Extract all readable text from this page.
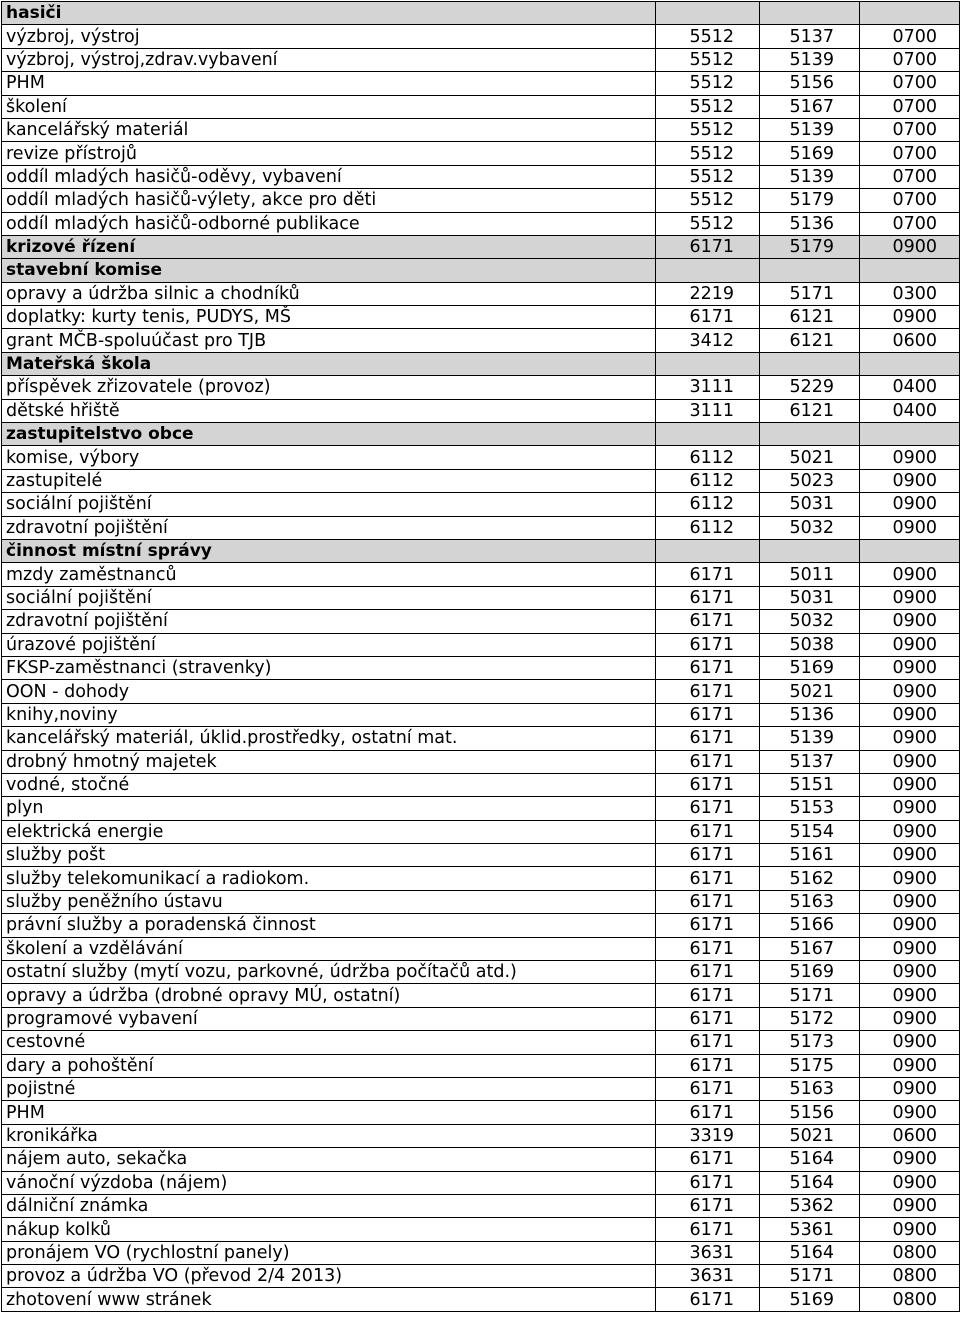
hasiči			
výzbroj, výstroj	5512	5137	0700
výzbroj, výstroj,zdrav.vybavení	5512	5139	0700
PHM	5512	5156	0700
školení	5512	5167	0700
kancelářský materiál	5512	5139	0700
revize přístrojů	5512	5169	0700
oddíl mladých hasičů-oděvy, vybavení	5512	5139	0700
oddíl mladých hasičů-výlety, akce pro děti	5512	5179	0700
oddíl mladých hasičů-odborné publikace	5512	5136	0700
krizové řízení	6171	5179	0900
stavební komise			
opravy a údržba silnic a chodníků	2219	5171	0300
doplatky: kurty tenis, PUDYS, MŠ	6171	6121	0900
grant MČB-spoluúčast pro TJB	3412	6121	0600
Mateřská škola			
příspěvek zřizovatele (provoz)	3111	5229	0400
dětské hřiště	3111	6121	0400
zastupitelstvo obce			
komise, výbory	6112	5021	0900
zastupitelé	6112	5023	0900
sociální pojištění	6112	5031	0900
zdravotní pojištění	6112	5032	0900
činnost místní správy			
mzdy zaměstnanců	6171	5011	0900
sociální pojištění	6171	5031	0900
zdravotní pojištění	6171	5032	0900
úrazové pojištění	6171	5038	0900
FKSP-zaměstnanci (stravenky)	6171	5169	0900
OON - dohody	6171	5021	0900
knihy,noviny	6171	5136	0900
kancelářský materiál, úklid.prostředky, ostatní mat.	6171	5139	0900
drobný hmotný majetek	6171	5137	0900
vodné, stočné	6171	5151	0900
plyn	6171	5153	0900
elektrická energie	6171	5154	0900
služby pošt	6171	5161	0900
služby telekomunikací a radiokom.	6171	5162	0900
služby peněžního ústavu	6171	5163	0900
právní služby a poradenská činnost	6171	5166	0900
školení a vzdělávání	6171	5167	0900
ostatní služby (mytí vozu, parkovné, údržba počítačů atd.)	6171	5169	0900
opravy a údržba (drobné opravy MÚ, ostatní)	6171	5171	0900
programové vybavení	6171	5172	0900
cestovné	6171	5173	0900
dary a pohoštění	6171	5175	0900
pojistné	6171	5163	0900
PHM	6171	5156	0900
kronikářka	3319	5021	0600
nájem auto, sekačka	6171	5164	0900
vánoční výzdoba (nájem)	6171	5164	0900
dálniční známka	6171	5362	0900
nákup kolků	6171	5361	0900
pronájem VO (rychlostní panely)	3631	5164	0800
provoz a údržba VO (převod 2/4 2013)	3631	5171	0800
zhotovení www stránek	6171	5169	0800
